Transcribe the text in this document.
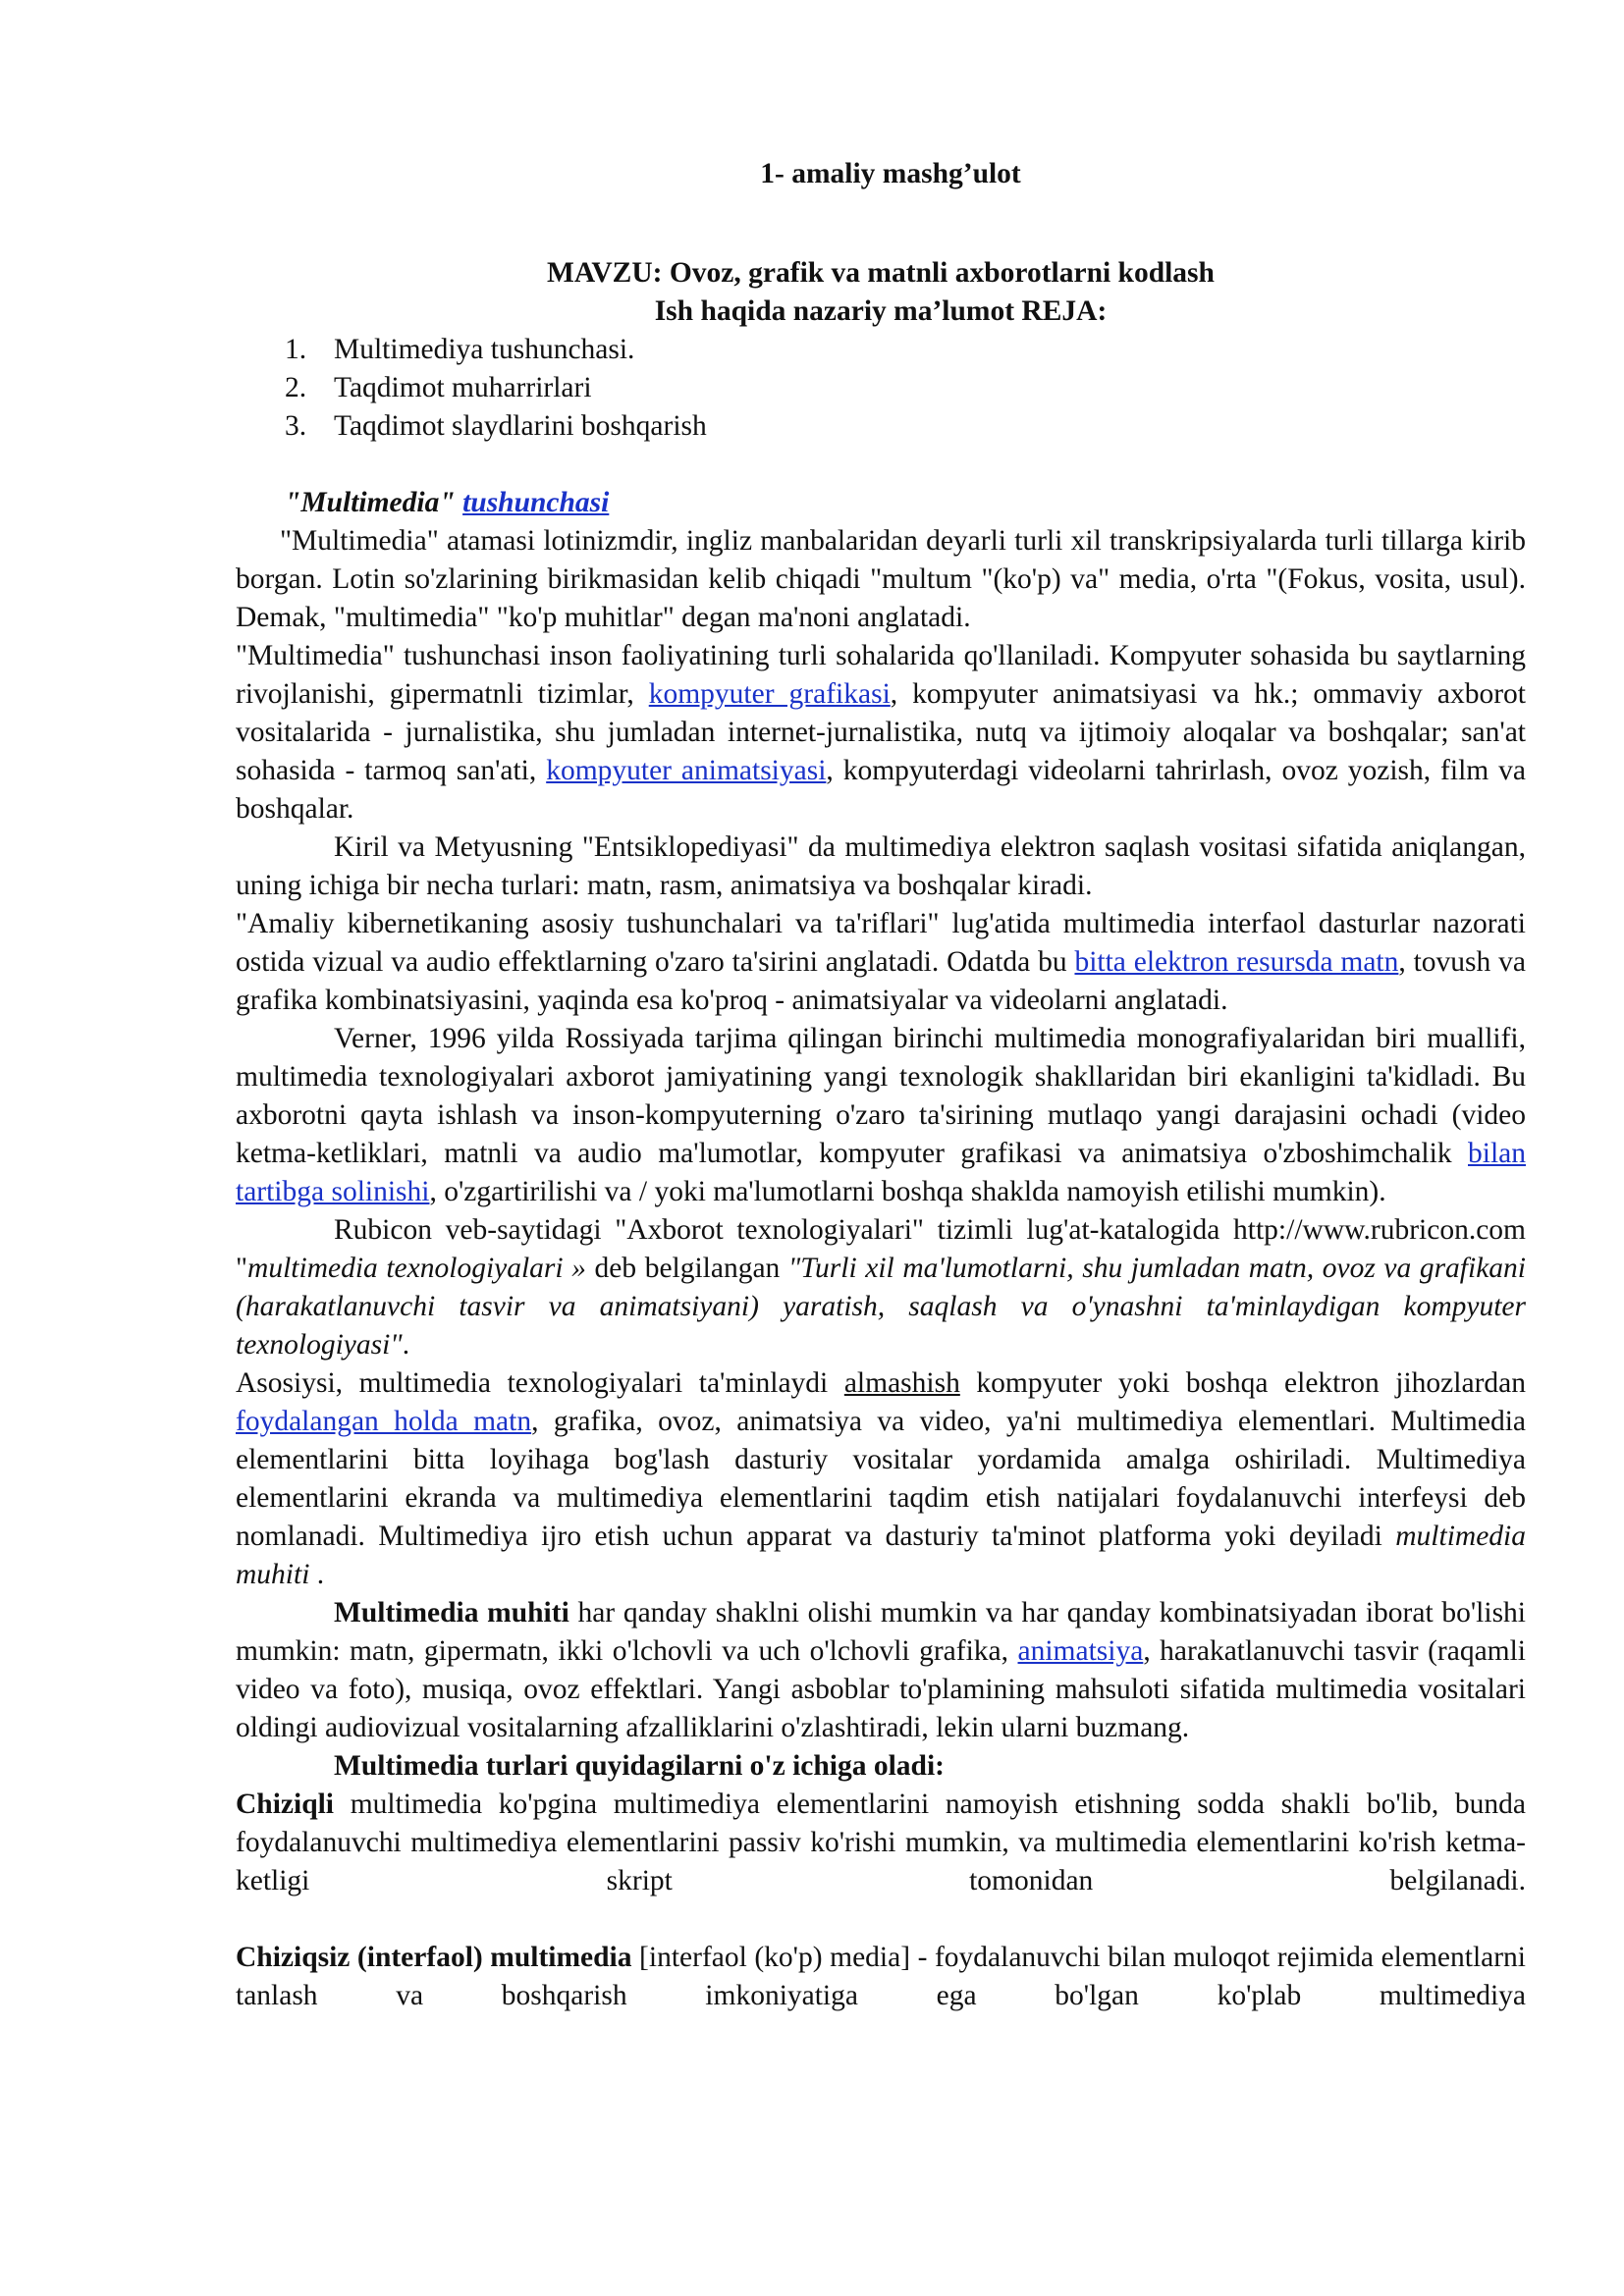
1- amaliy mashg’ulot
MAVZU: Ovoz, grafik va matnli axborotlarni kodlash
Ish haqida nazariy ma’lumot REJA:
1. Multimediya tushunchasi.
2. Taqdimot muharrirlari
3. Taqdimot slaydlarini boshqarish
"Multimedia" tushunchasi

"Multimedia" atamasi lotinizmdir, ingliz manbalaridan deyarli turli xil transkripsiyalarda turli tillarga kirib borgan. Lotin so'zlarining birikmasidan kelib chiqadi "multum "(ko'p) va" media, o'rta "(Fokus, vosita, usul). Demak, "multimedia" "ko'p muhitlar" degan ma'noni anglatadi.

"Multimedia" tushunchasi inson faoliyatining turli sohalarida qo'llaniladi. Kompyuter sohasida bu saytlarning rivojlanishi, gipermatnli tizimlar, kompyuter grafikasi, kompyuter animatsiyasi va hk.; ommaviy axborot vositalarida - jurnalistika, shu jumladan internet-jurnalistika, nutq va ijtimoiy aloqalar va boshqalar; san'at sohasida - tarmoq san'ati, kompyuter animatsiyasi, kompyuterdagi videolarni tahrirlash, ovoz yozish, film va boshqalar.

Kiril va Metyusning "Entsiklopediyasi" da multimediya elektron saqlash vositasi sifatida aniqlangan, uning ichiga bir necha turlari: matn, rasm, animatsiya va boshqalar kiradi.

"Amaliy kibernetikaning asosiy tushunchalari va ta'riflari" lug'atida multimedia interfaol dasturlar nazorati ostida vizual va audio effektlarning o'zaro ta'sirini anglatadi. Odatda bu bitta elektron resursda matn, tovush va grafika kombinatsiyasini, yaqinda esa ko'proq - animatsiyalar va videolarni anglatadi.

Verner, 1996 yilda Rossiyada tarjima qilingan birinchi multimedia monografiyalaridan biri muallifi, multimedia texnologiyalari axborot jamiyatining yangi texnologik shakllaridan biri ekanligini ta'kidladi. Bu axborotni qayta ishlash va inson-kompyuterning o'zaro ta'sirining mutlaqo yangi darajasini ochadi (video ketma-ketliklari, matnli va audio ma'lumotlar, kompyuter grafikasi va animatsiya o'zboshimchalik bilan tartibga solinishi, o'zgartirilishi va / yoki ma'lumotlarni boshqa shaklda namoyish etilishi mumkin).

Rubicon veb-saytidagi "Axborot texnologiyalari" tizimli lug'at-katalogida http://www.rubricon.com "multimedia texnologiyalari » deb belgilangan "Turli xil ma'lumotlarni, shu jumladan matn, ovoz va grafikani (harakatlanuvchi tasvir va animatsiyani) yaratish, saqlash va o'ynashni ta'minlaydigan kompyuter texnologiyasi".

Asosiysi, multimedia texnologiyalari ta'minlaydi almashish kompyuter yoki boshqa elektron jihozlardan foydalangan holda matn, grafika, ovoz, animatsiya va video, ya'ni multimediya elementlari. Multimedia elementlarini bitta loyihaga bog'lash dasturiy vositalar yordamida amalga oshiriladi. Multimediya elementlarini ekranda va multimediya elementlarini taqdim etish natijalari foydalanuvchi interfeysi deb nomlanadi. Multimediya ijro etish uchun apparat va dasturiy ta'minot platforma yoki deyiladi multimedia muhiti .

Multimedia muhiti har qanday shaklni olishi mumkin va har qanday kombinatsiyadan iborat bo'lishi mumkin: matn, gipermatn, ikki o'lchovli va uch o'lchovli grafika, animatsiya, harakatlanuvchi tasvir (raqamli video va foto), musiqa, ovoz effektlari. Yangi asboblar to'plamining mahsuloti sifatida multimedia vositalari oldingi audiovizual vositalarning afzalliklarini o'zlashtiradi, lekin ularni buzmang.

Multimedia turlari quyidagilarni o'z ichiga oladi:

Chiziqli multimedia ko'pgina multimediya elementlarini namoyish etishning sodda shakli bo'lib, bunda foydalanuvchi multimediya elementlarini passiv ko'rishi mumkin, va multimedia elementlarini ko'rish ketma-ketligi skript tomonidan belgilanadi.

Chiziqsiz (interfaol) multimedia [interfaol (ko'p) media] - foydalanuvchi bilan muloqot rejimida elementlarni tanlash va boshqarish imkoniyatiga ega bo'lgan ko'plab multimediya
